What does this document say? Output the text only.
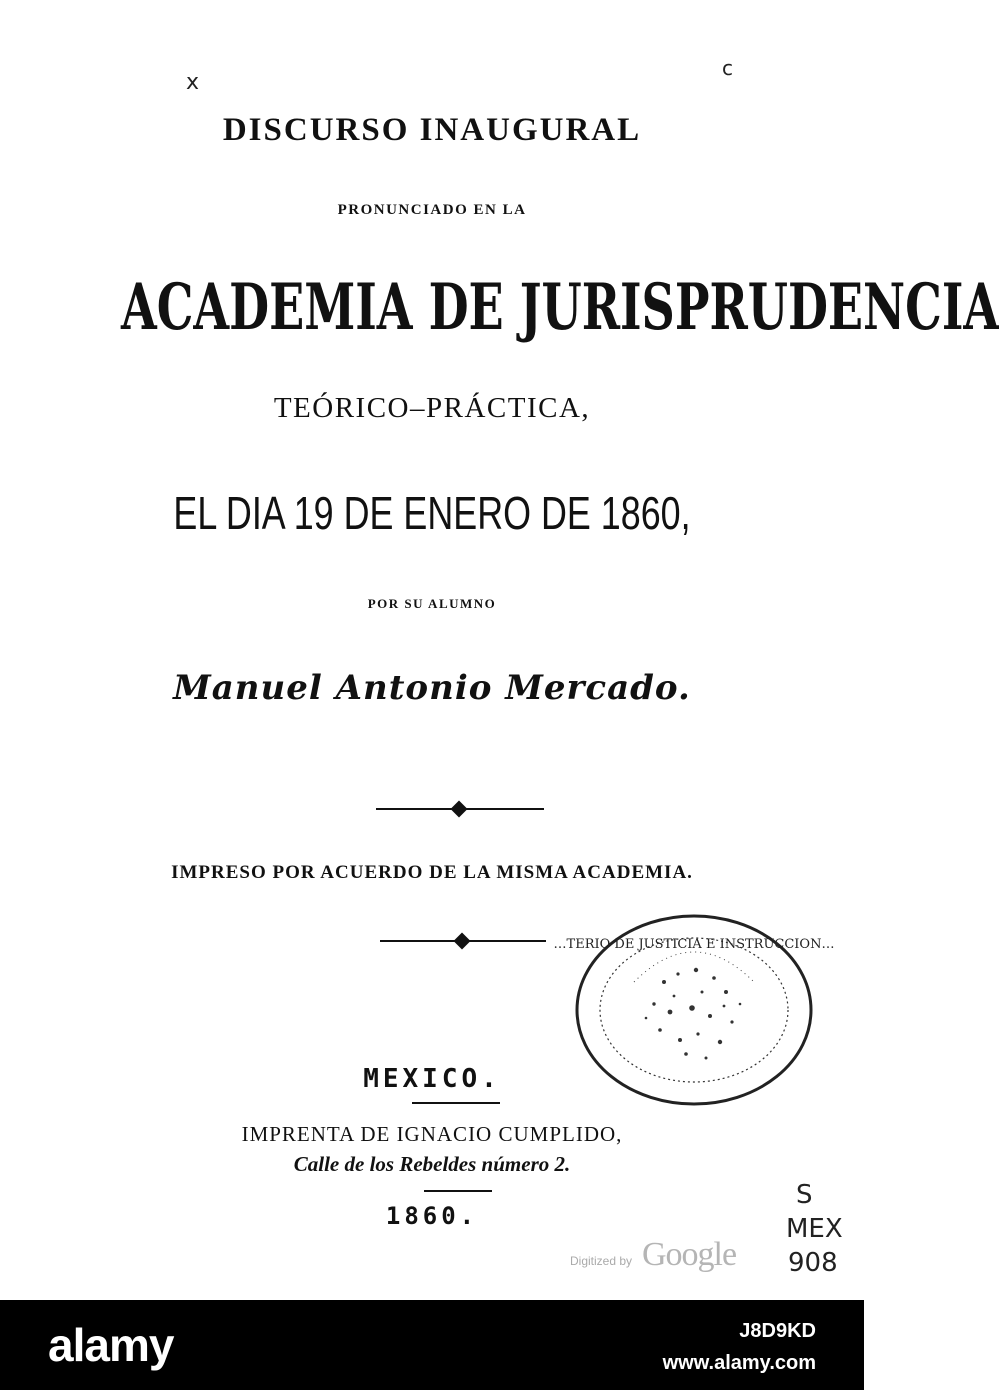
x
c
DISCURSO INAUGURAL
PRONUNCIADO EN LA
ACADEMIA DE JURISPRUDENCIA
TEÓRICO–PRÁCTICA,
EL DIA 19 DE ENERO DE 1860,
POR SU ALUMNO
Manuel Antonio Mercado.
IMPRESO POR ACUERDO DE LA MISMA ACADEMIA.
…TERIO DE JUSTICIA E INSTRUCCION…
MEXICO.
IMPRENTA DE IGNACIO CUMPLIDO,
Calle de los Rebeldes número 2.
1860.
S
MEX
908
Digitized by Google
alamy	J8D9KD
www.alamy.com
